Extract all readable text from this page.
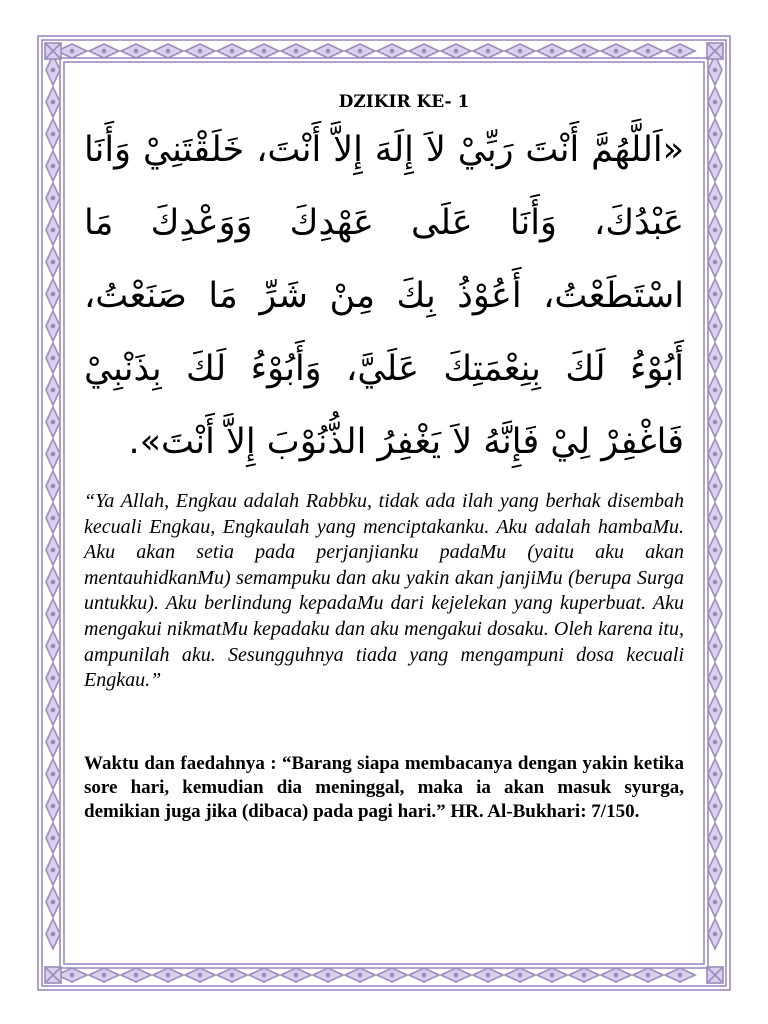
DZIKIR KE- 1

«اَللَّهُمَّ أَنْتَ رَبِّيْ لاَ إِلَهَ إِلاَّ أَنْتَ، خَلَقْتَنِيْ وَأَنَا عَبْدُكَ، وَأَنَا عَلَى عَهْدِكَ وَوَعْدِكَ مَا اسْتَطَعْتُ، أَعُوْذُ بِكَ مِنْ شَرِّ مَا صَنَعْتُ، أَبُوْءُ لَكَ بِنِعْمَتِكَ عَلَيَّ، وَأَبُوْءُ لَكَ بِذَنْبِيْ فَاغْفِرْ لِيْ فَإِنَّهُ لاَ يَغْفِرُ الذُّنُوْبَ إِلاَّ أَنْتَ».

“Ya Allah, Engkau adalah Rabbku, tidak ada ilah yang berhak disembah kecuali Engkau, Engkaulah yang menciptakanku. Aku adalah hambaMu. Aku akan setia pada perjanjianku padaMu (yaitu aku akan mentauhidkanMu) semampuku dan aku yakin akan janjiMu (berupa Surga untukku). Aku berlindung kepadaMu dari kejelekan yang kuperbuat. Aku mengakui nikmatMu kepadaku dan aku mengakui dosaku. Oleh karena itu, ampunilah aku. Sesungguhnya tiada yang mengampuni dosa kecuali Engkau.”

Waktu dan faedahnya : “Barang siapa membacanya dengan yakin ketika sore hari, kemudian dia meninggal, maka ia akan masuk syurga, demikian juga jika (dibaca) pada pagi hari.” HR. Al-Bukhari: 7/150.
